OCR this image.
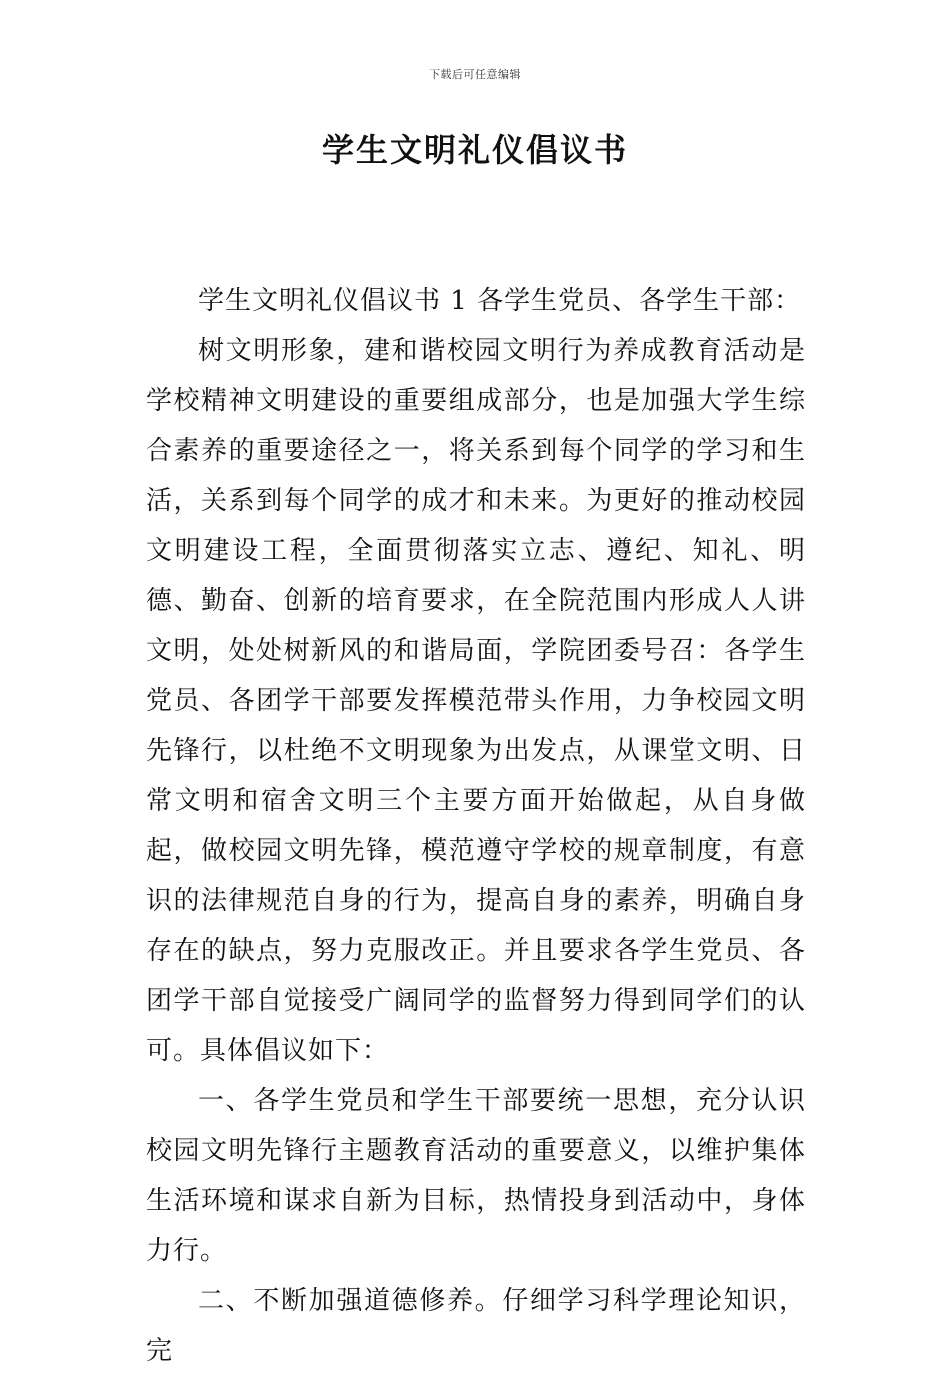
下载后可任意编辑
学生文明礼仪倡议书

学生文明礼仪倡议书 1 各学生党员、各学生干部：

树文明形象，建和谐校园文明行为养成教育活动是学校精神文明建设的重要组成部分，也是加强大学生综合素养的重要途径之一，将关系到每个同学的学习和生活，关系到每个同学的成才和未来。为更好的推动校园文明建设工程，全面贯彻落实立志、遵纪、知礼、明德、勤奋、创新的培育要求，在全院范围内形成人人讲文明，处处树新风的和谐局面，学院团委号召：各学生党员、各团学干部要发挥模范带头作用，力争校园文明先锋行，以杜绝不文明现象为出发点，从课堂文明、日常文明和宿舍文明三个主要方面开始做起，从自身做起，做校园文明先锋，模范遵守学校的规章制度，有意识的法律规范自身的行为，提高自身的素养，明确自身存在的缺点，努力克服改正。并且要求各学生党员、各团学干部自觉接受广阔同学的监督努力得到同学们的认可。具体倡议如下：

一、各学生党员和学生干部要统一思想，充分认识校园文明先锋行主题教育活动的重要意义，以维护集体生活环境和谋求自新为目标，热情投身到活动中，身体力行。

二、不断加强道德修养。仔细学习科学理论知识，完
